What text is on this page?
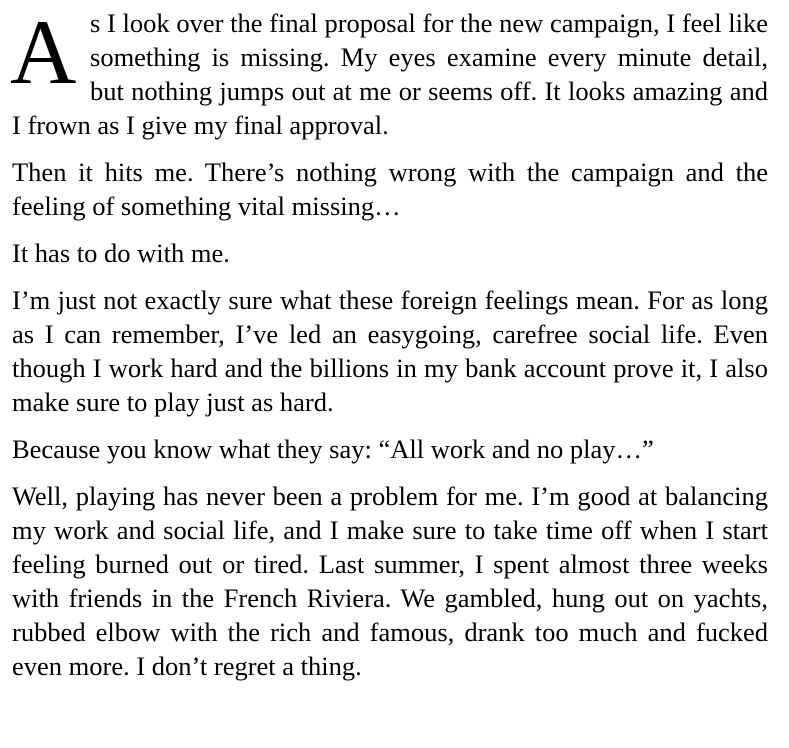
A s I look over the final proposal for the new campaign, I feel like something is missing. My eyes examine every minute detail, but nothing jumps out at me or seems off. It looks amazing and I frown as I give my final approval.

Then it hits me. There’s nothing wrong with the campaign and the feeling of something vital missing…

It has to do with me.

I’m just not exactly sure what these foreign feelings mean. For as long as I can remember, I’ve led an easygoing, carefree social life. Even though I work hard and the billions in my bank account prove it, I also make sure to play just as hard.

Because you know what they say: “All work and no play…”

Well, playing has never been a problem for me. I’m good at balancing my work and social life, and I make sure to take time off when I start feeling burned out or tired. Last summer, I spent almost three weeks with friends in the French Riviera. We gambled, hung out on yachts, rubbed elbow with the rich and famous, drank too much and fucked even more. I don’t regret a thing.
